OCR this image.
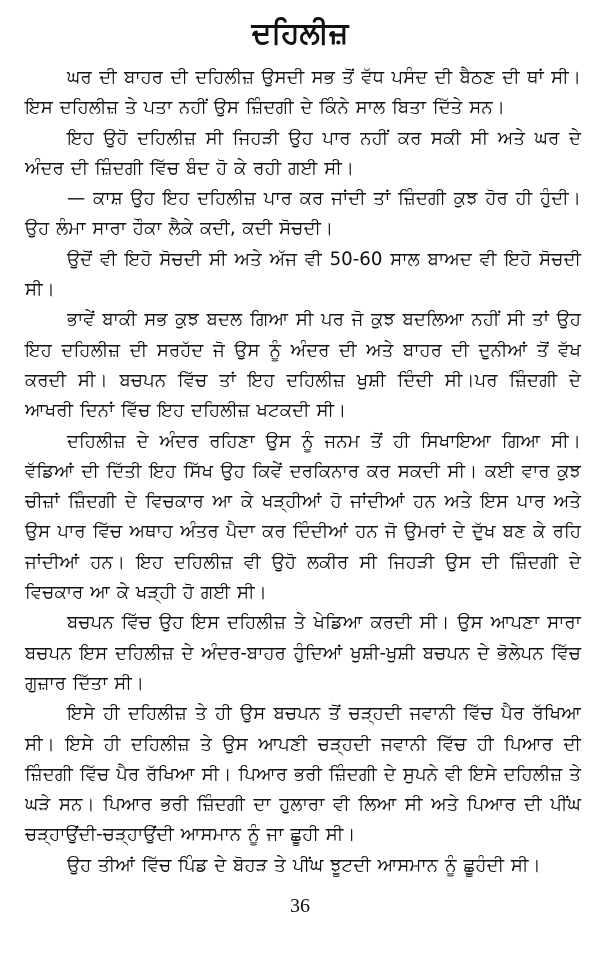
ਦਹਿਲੀਜ਼

ਘਰ ਦੀ ਬਾਹਰ ਦੀ ਦਹਿਲੀਜ਼ ਉਸਦੀ ਸਭ ਤੋਂ ਵੱਧ ਪਸੰਦ ਦੀ ਬੈਠਣ ਦੀ ਥਾਂ ਸੀ। ਇਸ ਦਹਿਲੀਜ਼ ਤੇ ਪਤਾ ਨਹੀਂ ਉਸ ਜ਼ਿੰਦਗੀ ਦੇ ਕਿੰਨੇ ਸਾਲ ਬਿਤਾ ਦਿੱਤੇ ਸਨ।

ਇਹ ਉਹੋ ਦਹਿਲੀਜ਼ ਸੀ ਜਿਹੜੀ ਉਹ ਪਾਰ ਨਹੀਂ ਕਰ ਸਕੀ ਸੀ ਅਤੇ ਘਰ ਦੇ ਅੰਦਰ ਦੀ ਜ਼ਿੰਦਗੀ ਵਿੱਚ ਬੰਦ ਹੋ ਕੇ ਰਹੀ ਗਈ ਸੀ।

— ਕਾਸ਼ ਉਹ ਇਹ ਦਹਿਲੀਜ਼ ਪਾਰ ਕਰ ਜਾਂਦੀ ਤਾਂ ਜ਼ਿੰਦਗੀ ਕੁਝ ਹੋਰ ਹੀ ਹੁੰਦੀ।ਉਹ ਲੰਮਾ ਸਾਰਾ ਹੌਕਾ ਲੈਕੇ ਕਦੀ, ਕਦੀ ਸੋਚਦੀ।

ਉਦੋਂ ਵੀ ਇਹੋ ਸੋਚਦੀ ਸੀ ਅਤੇ ਅੱਜ ਵੀ 50-60 ਸਾਲ ਬਾਅਦ ਵੀ ਇਹੋ ਸੋਚਦੀ ਸੀ।

ਭਾਵੇਂ ਬਾਕੀ ਸਭ ਕੁਝ ਬਦਲ ਗਿਆ ਸੀ ਪਰ ਜੋ ਕੁਝ ਬਦਲਿਆ ਨਹੀਂ ਸੀ ਤਾਂ ਉਹ ਇਹ ਦਹਿਲੀਜ਼ ਦੀ ਸਰਹੱਦ ਜੋ ਉਸ ਨੂੰ ਅੰਦਰ ਦੀ ਅਤੇ ਬਾਹਰ ਦੀ ਦੁਨੀਆਂ ਤੋਂ ਵੱਖ ਕਰਦੀ ਸੀ। ਬਚਪਨ ਵਿੱਚ ਤਾਂ ਇਹ ਦਹਿਲੀਜ਼ ਖੁਸ਼ੀ ਦਿੰਦੀ ਸੀ।ਪਰ ਜ਼ਿੰਦਗੀ ਦੇ ਆਖਰੀ ਦਿਨਾਂ ਵਿੱਚ ਇਹ ਦਹਿਲੀਜ਼ ਖਟਕਦੀ ਸੀ।

ਦਹਿਲੀਜ਼ ਦੇ ਅੰਦਰ ਰਹਿਣਾ ਉਸ ਨੂੰ ਜਨਮ ਤੋਂ ਹੀ ਸਿਖਾਇਆ ਗਿਆ ਸੀ। ਵੱਡਿਆਂ ਦੀ ਦਿੱਤੀ ਇਹ ਸਿੱਖ ਉਹ ਕਿਵੇਂ ਦਰਕਿਨਾਰ ਕਰ ਸਕਦੀ ਸੀ। ਕਈ ਵਾਰ ਕੁਝ ਚੀਜ਼ਾਂ ਜ਼ਿੰਦਗੀ ਦੇ ਵਿਚਕਾਰ ਆ ਕੇ ਖੜ੍ਹੀਆਂ ਹੋ ਜਾਂਦੀਆਂ ਹਨ ਅਤੇ ਇਸ ਪਾਰ ਅਤੇ ਉਸ ਪਾਰ ਵਿੱਚ ਅਥਾਹ ਅੰਤਰ ਪੈਦਾ ਕਰ ਦਿੰਦੀਆਂ ਹਨ ਜੋ ਉਮਰਾਂ ਦੇ ਦੁੱਖ ਬਣ ਕੇ ਰਹਿ ਜਾਂਦੀਆਂ ਹਨ। ਇਹ ਦਹਿਲੀਜ਼ ਵੀ ਉਹੋ ਲਕੀਰ ਸੀ ਜਿਹੜੀ ਉਸ ਦੀ ਜ਼ਿੰਦਗੀ ਦੇ ਵਿਚਕਾਰ ਆ ਕੇ ਖੜ੍ਹੀ ਹੋ ਗਈ ਸੀ।

ਬਚਪਨ ਵਿੱਚ ਉਹ ਇਸ ਦਹਿਲੀਜ਼ ਤੇ ਖੇਡਿਆ ਕਰਦੀ ਸੀ। ਉਸ ਆਪਣਾ ਸਾਰਾ ਬਚਪਨ ਇਸ ਦਹਿਲੀਜ਼ ਦੇ ਅੰਦਰ-ਬਾਹਰ ਹੁੰਦਿਆਂ ਖੁਸ਼ੀ-ਖੁਸ਼ੀ ਬਚਪਨ ਦੇ ਭੋਲੇਪਨ ਵਿੱਚ ਗੁਜ਼ਾਰ ਦਿੱਤਾ ਸੀ।

ਇਸੇ ਹੀ ਦਹਿਲੀਜ਼ ਤੇ ਹੀ ਉਸ ਬਚਪਨ ਤੋਂ ਚੜ੍ਹਦੀ ਜਵਾਨੀ ਵਿੱਚ ਪੈਰ ਰੱਖਿਆ ਸੀ। ਇਸੇ ਹੀ ਦਹਿਲੀਜ਼ ਤੇ ਉਸ ਆਪਣੀ ਚੜ੍ਹਦੀ ਜਵਾਨੀ ਵਿੱਚ ਹੀ ਪਿਆਰ ਦੀ ਜ਼ਿੰਦਗੀ ਵਿੱਚ ਪੈਰ ਰੱਖਿਆ ਸੀ। ਪਿਆਰ ਭਰੀ ਜ਼ਿੰਦਗੀ ਦੇ ਸੁਪਨੇ ਵੀ ਇਸੇ ਦਹਿਲੀਜ਼ ਤੇ ਘੜੇ ਸਨ। ਪਿਆਰ ਭਰੀ ਜ਼ਿੰਦਗੀ ਦਾ ਹੁਲਾਰਾ ਵੀ ਲਿਆ ਸੀ ਅਤੇ ਪਿਆਰ ਦੀ ਪੀਂਘ ਚੜ੍ਹਾਉਂਦੀ-ਚੜ੍ਹਾਉਂਦੀ ਆਸਮਾਨ ਨੂੰ ਜਾ ਛੂਹੀ ਸੀ।

ਉਹ ਤੀਆਂ ਵਿੱਚ ਪਿੰਡ ਦੇ ਬੋਹੜ ਤੇ ਪੀਂਘ ਝੂਟਦੀ ਆਸਮਾਨ ਨੂੰ ਛੂਹੰਦੀ ਸੀ।

36
